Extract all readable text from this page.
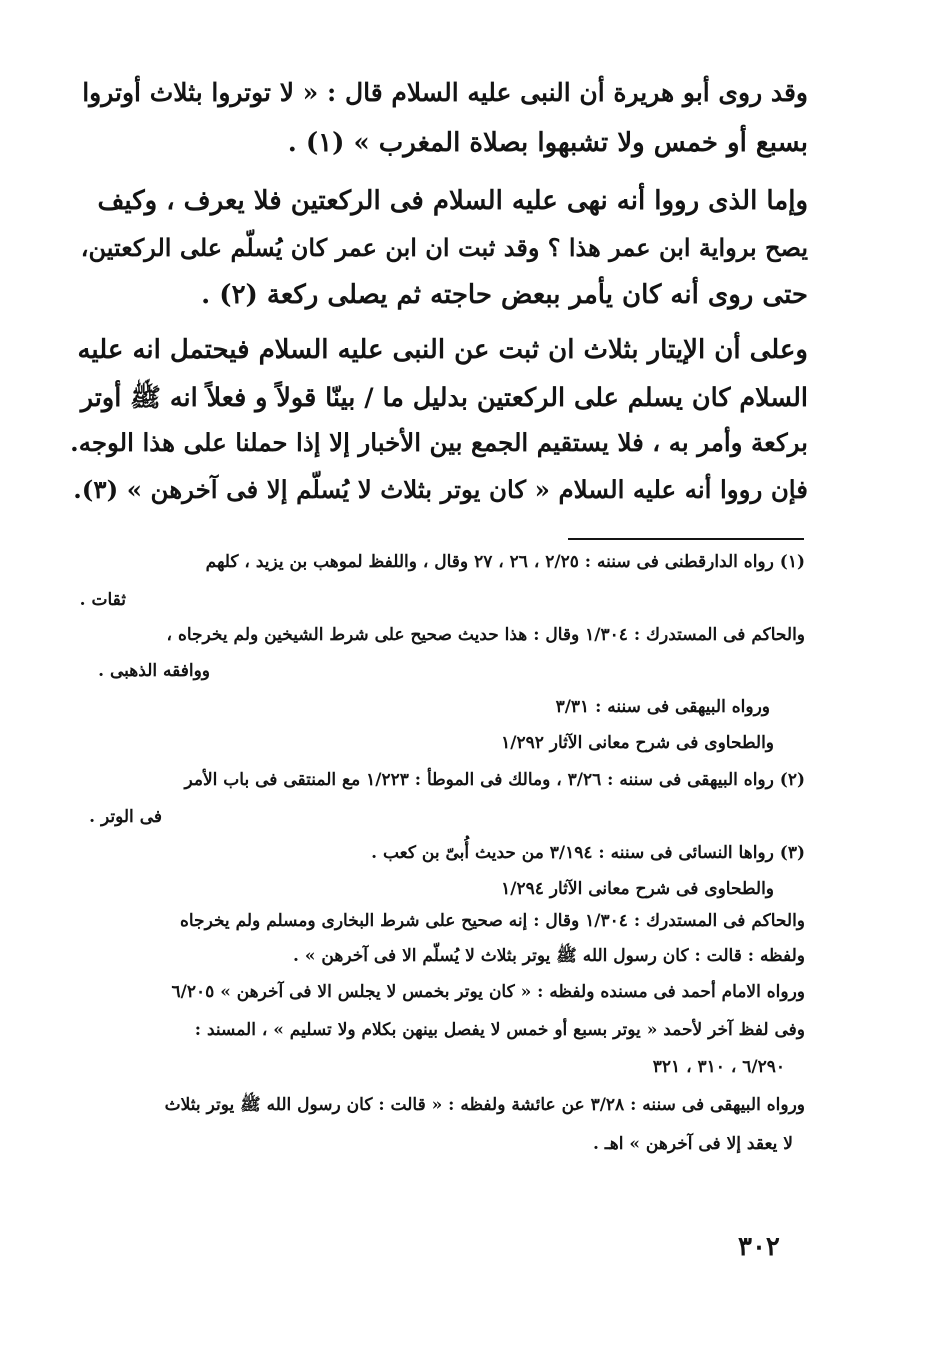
وقد روى أبو هريرة أن النبى عليه السلام قال : « لا توتروا بثلاث أوتروا

بسبع أو خمس ولا تشبهوا بصلاة المغرب » (١) .

وإما الذى رووا أنه نهى عليه السلام فى الركعتين فلا يعرف ، وكيف

يصح برواية ابن عمر هذا ؟ وقد ثبت ان ابن عمر كان يُسلّم على الركعتين،

حتى روى أنه كان يأمر ببعض حاجته ثم يصلى ركعة (٢) .

وعلى أن الإيتار بثلاث ان ثبت عن النبى عليه السلام فيحتمل انه عليه

السلام كان يسلم على الركعتين بدليل ما / بينّا قولاً و فعلاً انه ﷺ أوتر

بركعة وأمر به ، فلا يستقيم الجمع بين الأخبار إلا إذا حملنا على هذا الوجه.

فإن رووا أنه عليه السلام « كان يوتر بثلاث لا يُسلّم إلا فى آخرهن » (٣).

(١) رواه الدارقطنى فى سننه : ٢/٢٥ ، ٢٦ ، ٢٧ وقال ، واللفظ لموهب بن يزيد ، كلهم

ثقات .

والحاكم فى المستدرك : ١/٣٠٤ وقال : هذا حديث صحيح على شرط الشيخين ولم يخرجاه ،

ووافقه الذهبى .

ورواه البيهقى فى سننه : ٣/٣١

والطحاوى فى شرح معانى الآثار ١/٢٩٢

(٢) رواه البيهقى فى سننه : ٣/٢٦ ، ومالك فى الموطأ : ١/٢٢٣ مع المنتقى فى باب الأمر

فى الوتر .

(٣) رواها النسائى فى سننه : ٣/١٩٤ من حديث أُبىّ بن كعب .

والطحاوى فى شرح معانى الآثار ١/٢٩٤

والحاكم فى المستدرك : ١/٣٠٤ وقال : إنه صحيح على شرط البخارى ومسلم ولم يخرجاه

ولفظه : قالت : كان رسول الله ﷺ يوتر بثلاث لا يُسلّم الا فى آخرهن » .

ورواه الامام أحمد فى مسنده ولفظه : « كان يوتر بخمس لا يجلس الا فى آخرهن » ٦/٢٠٥

وفى لفظ آخر لأحمد « يوتر بسبع أو خمس لا يفصل بينهن بكلام ولا تسليم » ، المسند :

٦/٢٩٠ ، ٣١٠ ، ٣٢١

ورواه البيهقى فى سننه : ٣/٢٨ عن عائشة ولفظه : « قالت : كان رسول الله ﷺ يوتر بثلاث

لا يعقد إلا فى آخرهن » اهـ .

٣٠٢
